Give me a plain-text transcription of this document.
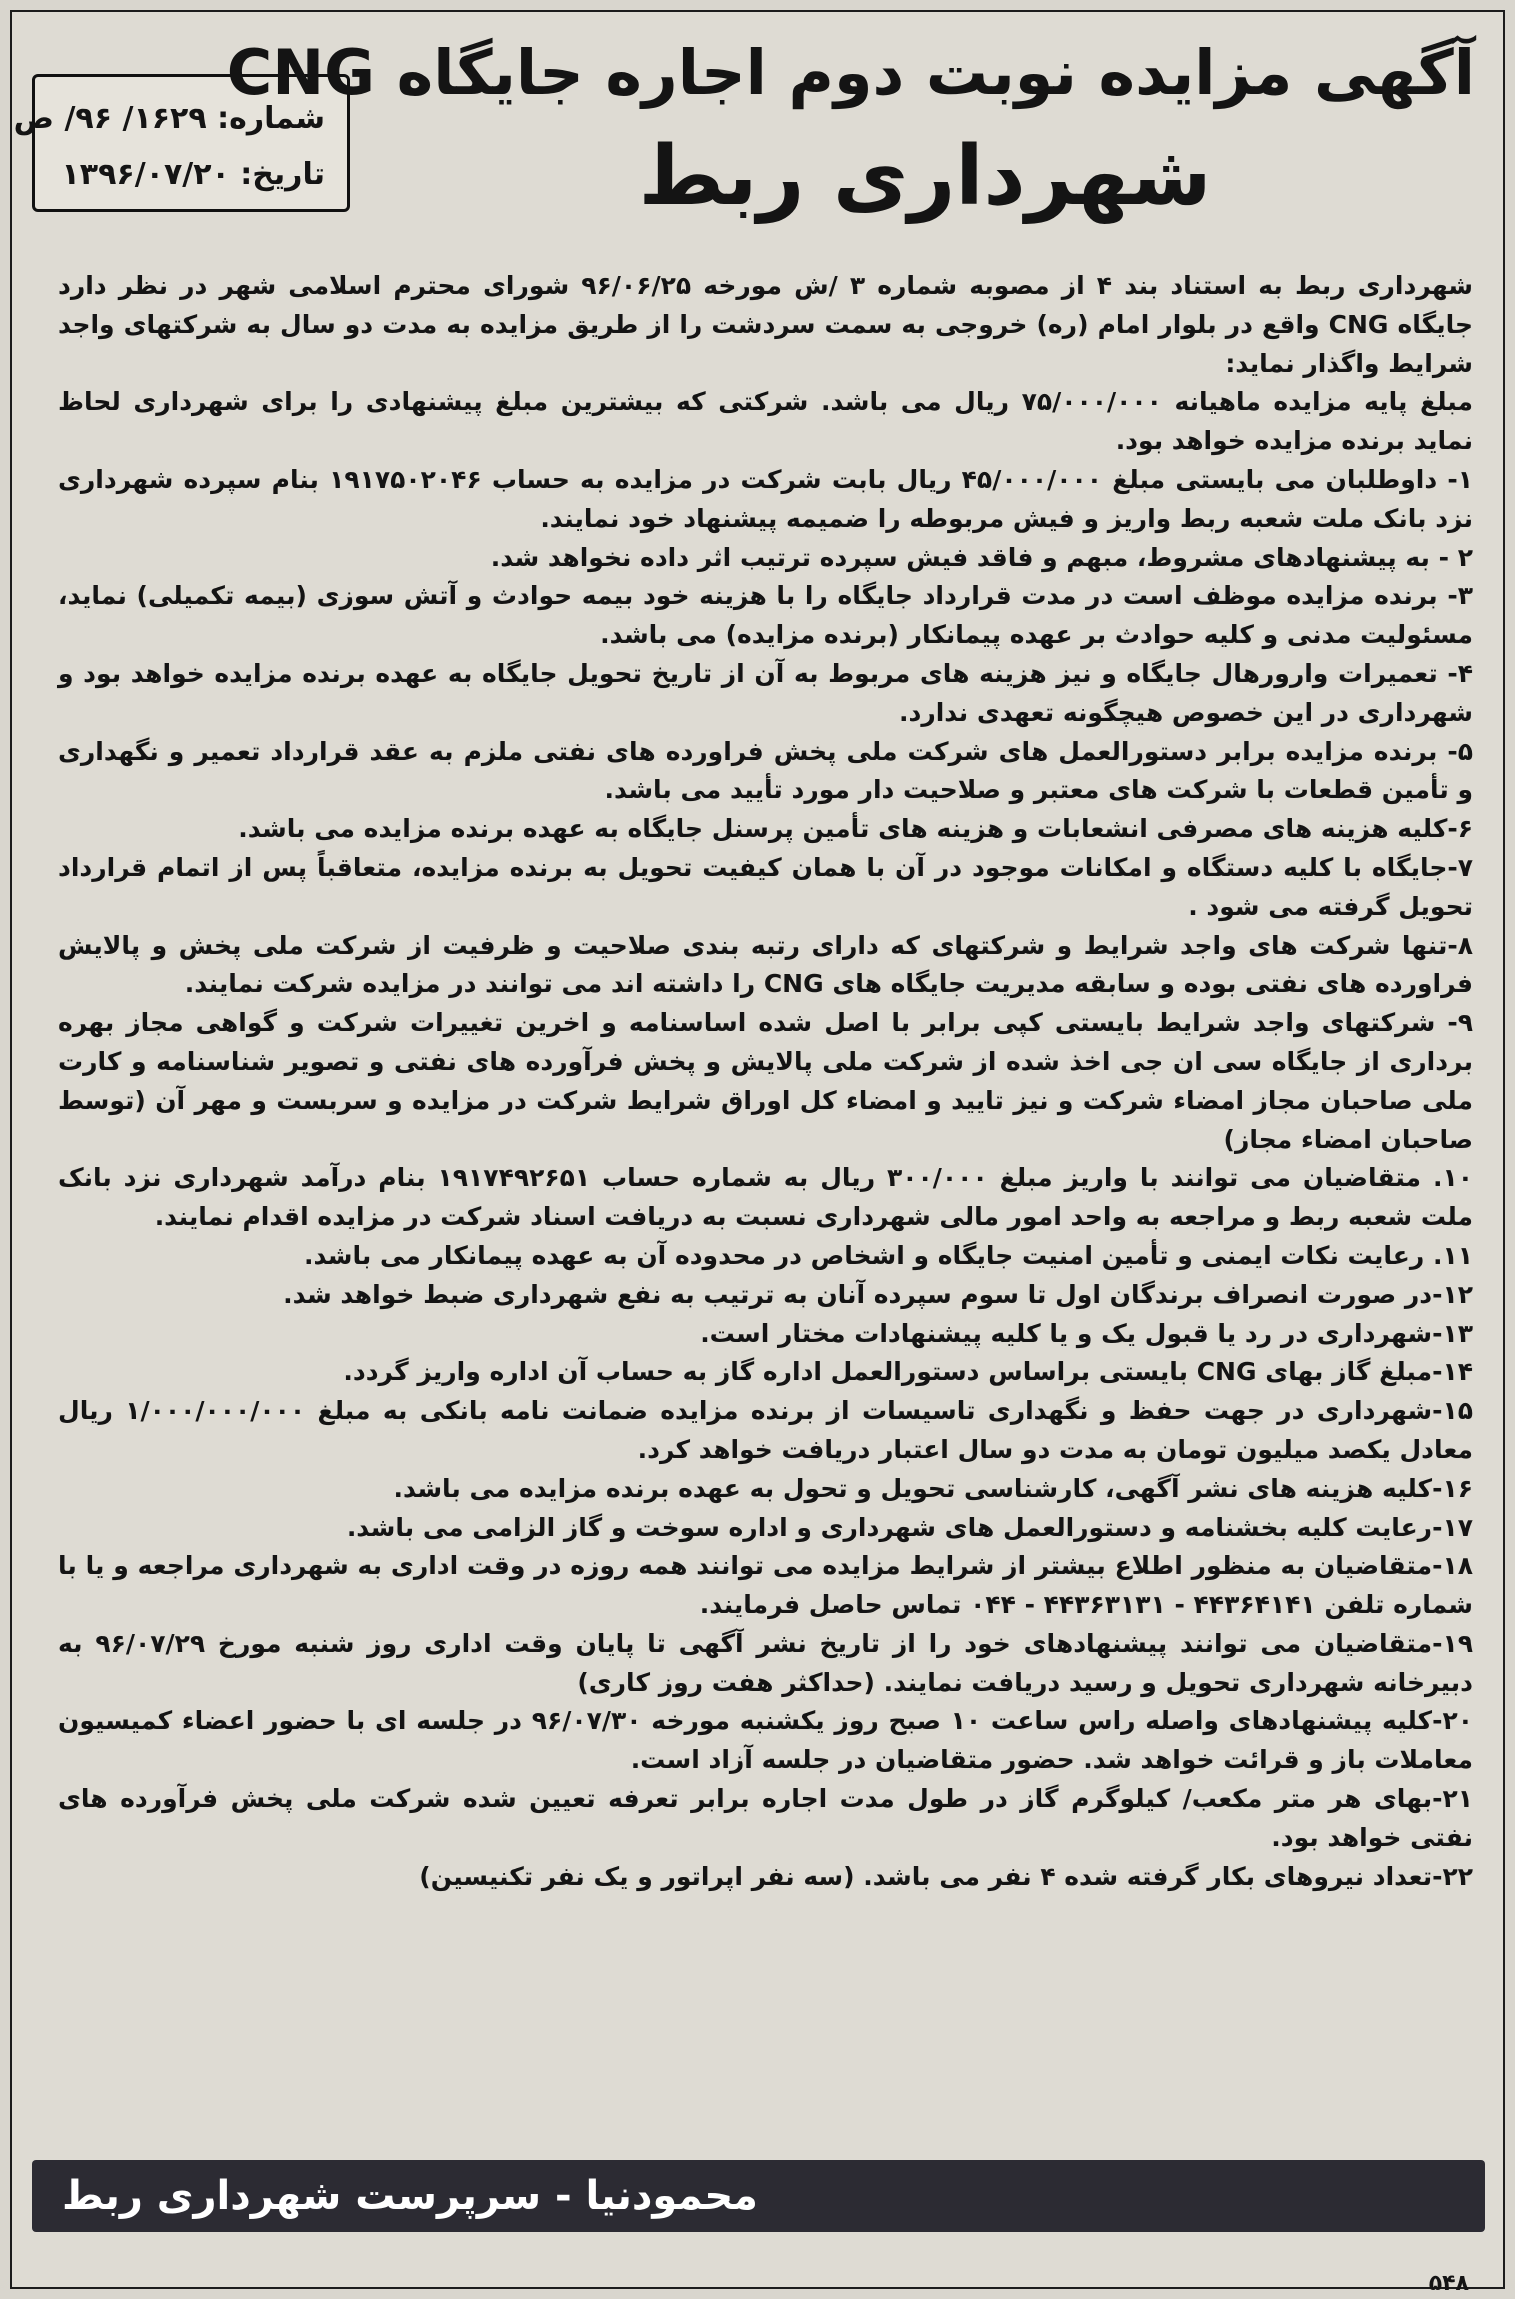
شماره: ۱۶۲۹/ ۹۶/ ص
تاریخ: ۱۳۹۶/۰۷/۲۰
آگهی مزایده نوبت دوم اجاره جایگاه CNG
شهرداری ربط

شهرداری ربط به استناد بند ۴ از مصوبه شماره ۳ /ش مورخه ۹۶/۰۶/۲۵ شورای محترم اسلامی شهر در نظر دارد جایگاه CNG واقع در بلوار امام (ره) خروجی به سمت سردشت را از طریق مزایده به مدت دو سال به شرکتهای واجد شرایط واگذار نماید:

مبلغ پایه مزایده ماهیانه ۷۵/۰۰۰/۰۰۰ ریال می باشد. شرکتی که بیشترین مبلغ پیشنهادی را برای شهرداری لحاظ نماید برنده مزایده خواهد بود.

۱- داوطلبان می بایستی مبلغ ۴۵/۰۰۰/۰۰۰ ریال بابت شرکت در مزایده به حساب ۱۹۱۷۵۰۲۰۴۶ بنام سپرده شهرداری نزد بانک ملت شعبه ربط واریز و فیش مربوطه را ضمیمه پیشنهاد خود نمایند.

۲ - به پیشنهادهای مشروط، مبهم و فاقد فیش سپرده ترتیب اثر داده نخواهد شد.

۳- برنده مزایده موظف است در مدت قرارداد جایگاه را با هزینه خود بیمه حوادث و آتش سوزی (بیمه تکمیلی) نماید، مسئولیت مدنی و کلیه حوادث بر عهده پیمانکار (برنده مزایده) می باشد.

۴- تعمیرات وارورهال جایگاه و نیز هزینه های مربوط به آن از تاریخ تحویل جایگاه به عهده برنده مزایده خواهد بود و شهرداری در این خصوص هیچگونه تعهدی ندارد.

۵- برنده مزایده برابر دستورالعمل های شرکت ملی پخش فراورده های نفتی ملزم به عقد قرارداد تعمیر و نگهداری و تأمین قطعات با شرکت های معتبر و صلاحیت دار مورد تأیید می باشد.

۶-کلیه هزینه های مصرفی انشعابات و هزینه های تأمین پرسنل جایگاه به عهده برنده مزایده می باشد.

۷-جایگاه با کلیه دستگاه و امکانات موجود در آن با همان کیفیت تحویل به برنده مزایده، متعاقباً پس از اتمام قرارداد تحویل گرفته می شود .

۸-تنها شرکت های واجد شرایط و شرکتهای که دارای رتبه بندی صلاحیت و ظرفیت از شرکت ملی پخش و پالایش فراورده های نفتی بوده و سابقه مدیریت جایگاه های CNG را داشته اند می توانند در مزایده شرکت نمایند.

۹- شرکتهای واجد شرایط بایستی کپی برابر با اصل شده اساسنامه و اخرین تغییرات شرکت و گواهی مجاز بهره برداری از جایگاه سی ان جی اخذ شده از شرکت ملی پالایش و پخش فرآورده های نفتی و تصویر شناسنامه و کارت ملی صاحبان مجاز امضاء شرکت و نیز تایید و امضاء کل اوراق شرایط شرکت در مزایده و سربست و مهر آن (توسط صاحبان امضاء مجاز)

۱۰. متقاضیان می توانند با واریز مبلغ ۳۰۰/۰۰۰ ریال به شماره حساب ۱۹۱۷۴۹۲۶۵۱ بنام درآمد شهرداری نزد بانک ملت شعبه ربط و مراجعه به واحد امور مالی شهرداری نسبت به دریافت اسناد شرکت در مزایده اقدام نمایند.

۱۱. رعایت نکات ایمنی و تأمین امنیت جایگاه و اشخاص در محدوده آن به عهده پیمانکار می باشد.

۱۲-در صورت انصراف برندگان اول تا سوم سپرده آنان به ترتیب به نفع شهرداری ضبط خواهد شد.

۱۳-شهرداری در رد یا قبول یک و یا کلیه پیشنهادات مختار است.

۱۴-مبلغ گاز بهای CNG بایستی براساس دستورالعمل اداره گاز به حساب آن اداره واریز گردد.

۱۵-شهرداری در جهت حفظ و نگهداری تاسیسات از برنده مزایده ضمانت نامه بانکی به مبلغ ۱/۰۰۰/۰۰۰/۰۰۰ ریال معادل یکصد میلیون تومان به مدت دو سال اعتبار دریافت خواهد کرد.

۱۶-کلیه هزینه های نشر آگهی، کارشناسی تحویل و تحول به عهده برنده مزایده می باشد.

۱۷-رعایت کلیه بخشنامه و دستورالعمل های شهرداری و اداره سوخت و گاز الزامی می باشد.

۱۸-متقاضیان به منظور اطلاع بیشتر از شرایط مزایده می توانند همه روزه در وقت اداری به شهرداری مراجعه و یا با شماره تلفن ۴۴۳۶۴۱۴۱ - ۴۴۳۶۳۱۳۱ - ۰۴۴ تماس حاصل فرمایند.

۱۹-متقاضیان می توانند پیشنهادهای خود را از تاریخ نشر آگهی تا پایان وقت اداری روز شنبه مورخ ۹۶/۰۷/۲۹ به دبیرخانه شهرداری تحویل و رسید دریافت نمایند. (حداکثر هفت روز کاری)

۲۰-کلیه پیشنهادهای واصله راس ساعت ۱۰ صبح روز یکشنبه مورخه ۹۶/۰۷/۳۰ در جلسه ای با حضور اعضاء کمیسیون معاملات باز و قرائت خواهد شد. حضور متقاضیان در جلسه آزاد است.

۲۱-بهای هر متر مکعب/ کیلوگرم گاز در طول مدت اجاره برابر تعرفه تعیین شده شرکت ملی پخش فرآورده های نفتی خواهد بود.

۲۲-تعداد نیروهای بکار گرفته شده ۴ نفر می باشد. (سه نفر اپراتور و یک نفر تکنیسین)

محمودنیا - سرپرست شهرداری ربط
۵۴۸
